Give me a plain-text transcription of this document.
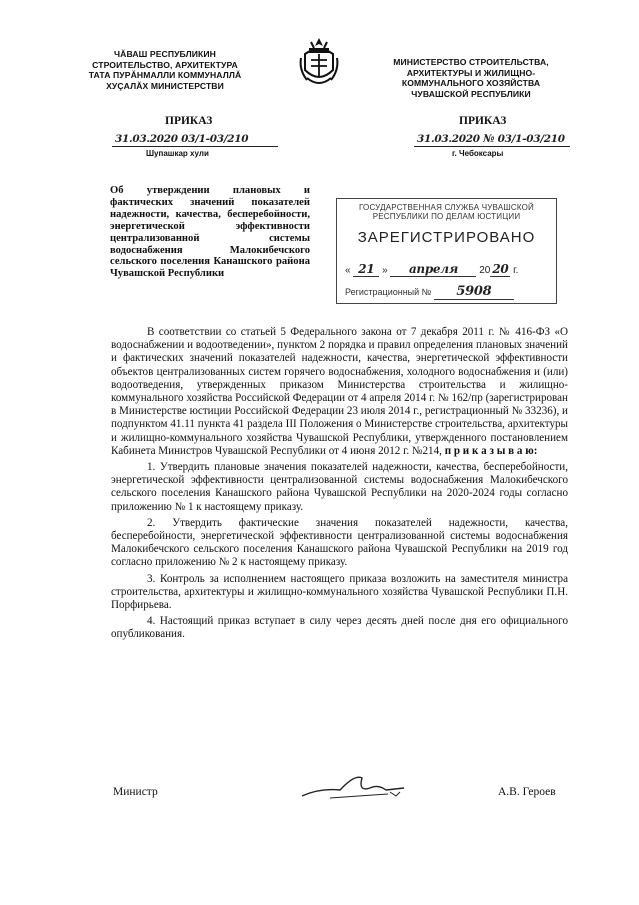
ЧĂВАШ РЕСПУБЛИКИН СТРОИТЕЛЬСТВО, АРХИТЕКТУРА ТАТА ПУРĂНМАЛЛИ КОММУНАЛЛĂ ХУÇАЛĂХ МИНИСТЕРСТВИ
МИНИСТЕРСТВО СТРОИТЕЛЬСТВА, АРХИТЕКТУРЫ И ЖИЛИЩНО-КОММУНАЛЬНОГО ХОЗЯЙСТВА ЧУВАШСКОЙ РЕСПУБЛИКИ
ПРИКАЗ	ПРИКАЗ
31.03.2020 03/1-03/210	31.03.2020 № 03/1-03/210
Шупашкар хули	г. Чебоксары
Об утверждении плановых и фактических значений показателей надежности, качества, бесперебойности, энергетической эффективности централизованной системы водоснабжения Малокибечского сельского поселения Канашского района Чувашской Республики
ГОСУДАРСТВЕННАЯ СЛУЖБА ЧУВАШСКОЙ
РЕСПУБЛИКИ ПО ДЕЛАМ ЮСТИЦИИ
ЗАРЕГИСТРИРОВАНО
« 21 » апреля 20 20 г.
Регистрационный № 5908

В соответствии со статьей 5 Федерального закона от 7 декабря 2011 г. № 416-ФЗ «О водоснабжении и водоотведении», пунктом 2 порядка и правил определения плановых значений и фактических значений показателей надежности, качества, энергетической эффективности объектов централизованных систем горячего водоснабжения, холодного водоснабжения и (или) водоотведения, утвержденных приказом Министерства строительства и жилищно-коммунального хозяйства Российской Федерации от 4 апреля 2014 г. № 162/пр (зарегистрирован в Министерстве юстиции Российской Федерации 23 июля 2014 г., регистрационный № 33236), и подпунктом 41.11 пункта 41 раздела III Положения о Министерстве строительства, архитектуры и жилищно-коммунального хозяйства Чувашской Республики, утвержденного постановлением Кабинета Министров Чувашской Республики от 4 июня 2012 г. №214, п р и к а з ы в а ю:

1. Утвердить плановые значения показателей надежности, качества, бесперебойности, энергетической эффективности централизованной системы водоснабжения Малокибечского сельского поселения Канашского района Чувашской Республики на 2020-2024 годы согласно приложению № 1 к настоящему приказу.

2. Утвердить фактические значения показателей надежности, качества, бесперебойности, энергетической эффективности централизованной системы водоснабжения Малокибечского сельского поселения Канашского района Чувашской Республики на 2019 год согласно приложению № 2 к настоящему приказу.

3. Контроль за исполнением настоящего приказа возложить на заместителя министра строительства, архитектуры и жилищно-коммунального хозяйства Чувашской Республики П.Н. Порфирьева.

4. Настоящий приказ вступает в силу через десять дней после дня его официального опубликования.

Министр	А.В. Героев
